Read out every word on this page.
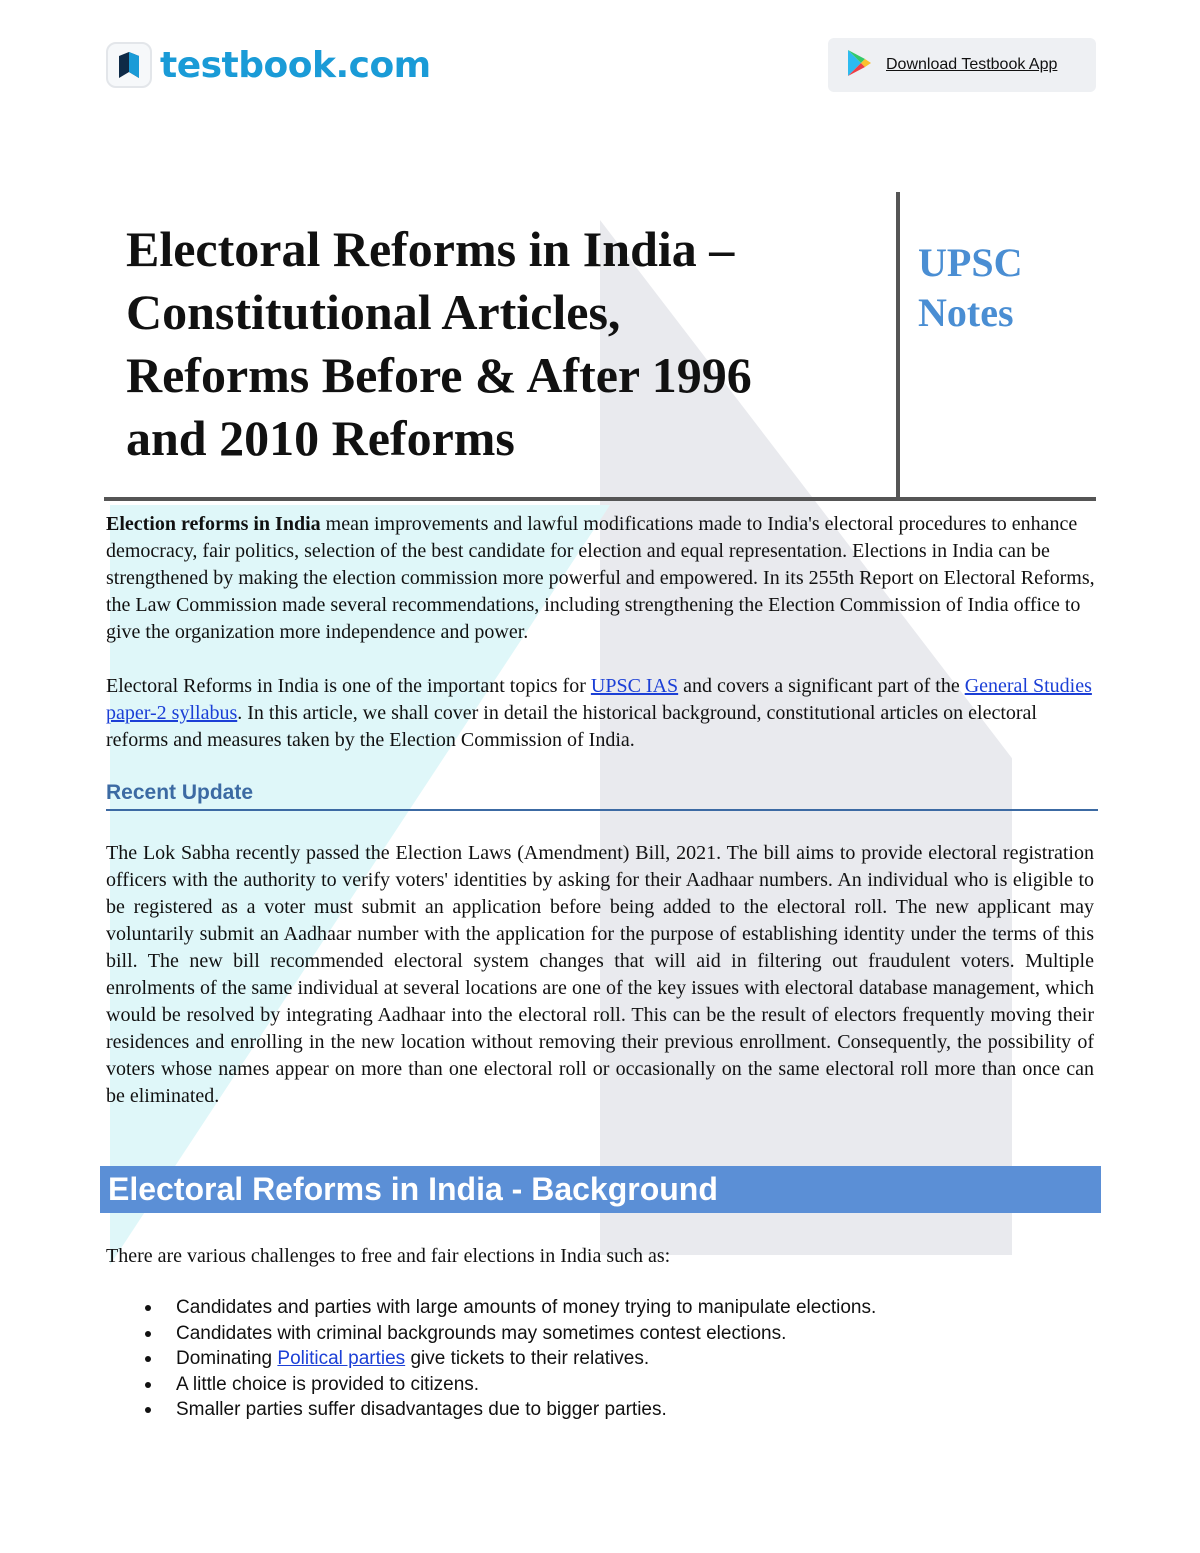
testbook.com	Download Testbook App
Electoral Reforms in India –
Constitutional Articles,
Reforms Before & After 1996
and 2010 Reforms

UPSC
Notes

Election reforms in India mean improvements and lawful modifications made to India's electoral procedures to enhance democracy, fair politics, selection of the best candidate for election and equal representation. Elections in India can be strengthened by making the election commission more powerful and empowered. In its 255th Report on Electoral Reforms, the Law Commission made several recommendations, including strengthening the Election Commission of India office to give the organization more independence and power.

Electoral Reforms in India is one of the important topics for UPSC IAS and covers a significant part of the General Studies paper-2 syllabus. In this article, we shall cover in detail the historical background, constitutional articles on electoral reforms and measures taken by the Election Commission of India.

Recent Update

The Lok Sabha recently passed the Election Laws (Amendment) Bill, 2021. The bill aims to provide electoral registration officers with the authority to verify voters' identities by asking for their Aadhaar numbers. An individual who is eligible to be registered as a voter must submit an application before being added to the electoral roll. The new applicant may voluntarily submit an Aadhaar number with the application for the purpose of establishing identity under the terms of this bill. The new bill recommended electoral system changes that will aid in filtering out fraudulent voters. Multiple enrolments of the same individual at several locations are one of the key issues with electoral database management, which would be resolved by integrating Aadhaar into the electoral roll. This can be the result of electors frequently moving their residences and enrolling in the new location without removing their previous enrollment. Consequently, the possibility of voters whose names appear on more than one electoral roll or occasionally on the same electoral roll more than once can be eliminated.

Electoral Reforms in India - Background

There are various challenges to free and fair elections in India such as:

Candidates and parties with large amounts of money trying to manipulate elections.
Candidates with criminal backgrounds may sometimes contest elections.
Dominating Political parties give tickets to their relatives.
A little choice is provided to citizens.
Smaller parties suffer disadvantages due to bigger parties.
